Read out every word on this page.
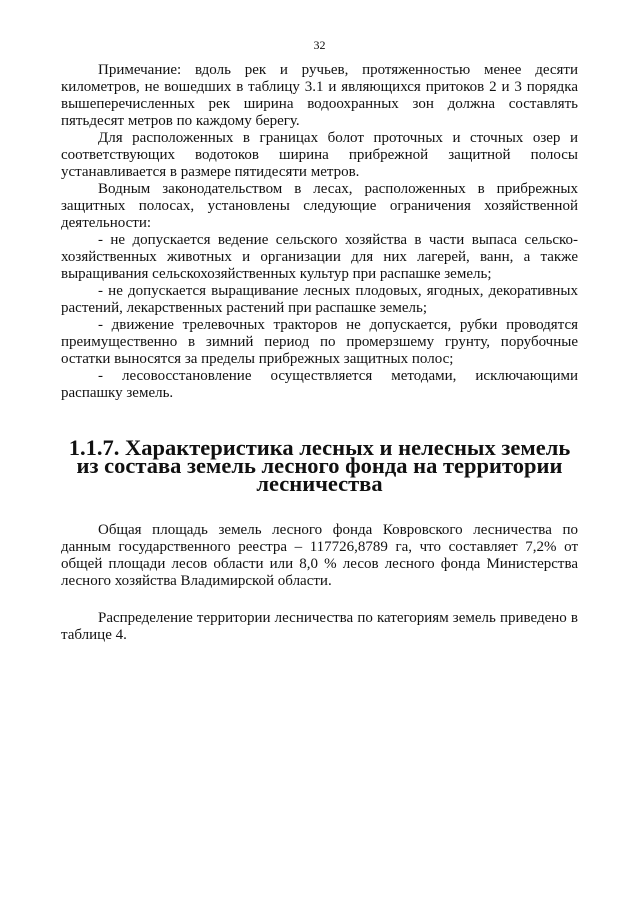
32

Примечание: вдоль рек и ручьев, протяженностью менее десяти километров, не вошедших в таблицу 3.1 и являющихся притоков 2 и 3 порядка вышеперечисленных рек ширина водоохранных зон должна составлять пятьдесят метров по каждому берегу.

Для расположенных в границах болот проточных и сточных озер и соответствующих водотоков ширина прибрежной защитной полосы устанавливается в размере пятидесяти метров.

Водным законодательством в лесах, расположенных в прибрежных защитных полосах, установлены следующие ограничения хозяйственной деятельности:

- не допускается ведение сельского хозяйства в части выпаса сельско-хозяйственных животных и организации для них лагерей, ванн, а также выращивания сельскохозяйственных культур при распашке земель;

- не допускается выращивание лесных плодовых, ягодных, декоративных растений, лекарственных растений при распашке земель;

- движение трелевочных тракторов не допускается, рубки проводятся преимущественно в зимний период по промерзшему грунту, порубочные остатки выносятся за пределы прибрежных защитных полос;

- лесовосстановление осуществляется методами, исключающими распашку земель.

1.1.7. Характеристика лесных и нелесных земель из состава земель лесного фонда на территории лесничества

Общая площадь земель лесного фонда Ковровского лесничества по данным государственного реестра – 117726,8789 га, что составляет 7,2% от общей площади лесов области или 8,0 % лесов лесного фонда Министерства лесного хозяйства Владимирской области.

Распределение территории лесничества по категориям земель приведено в таблице 4.
